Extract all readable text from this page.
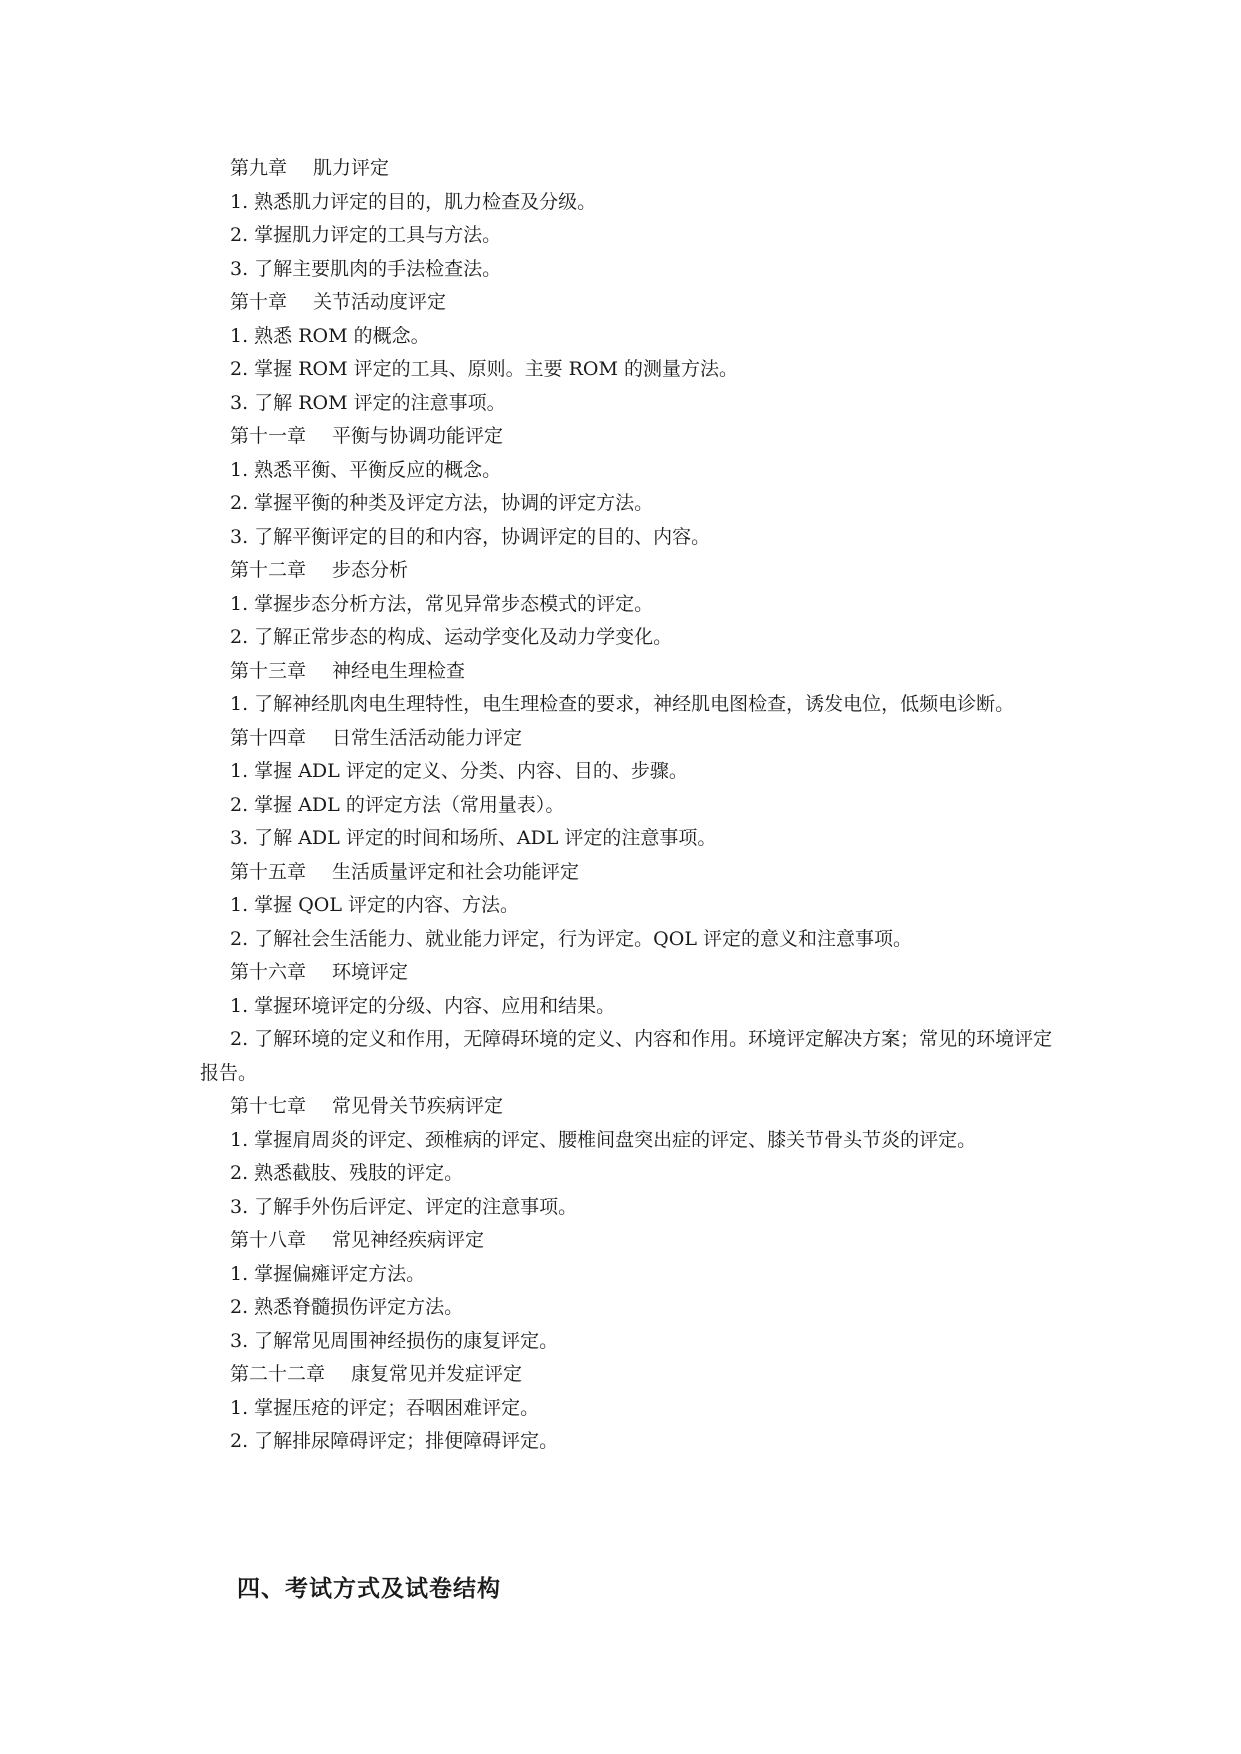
第九章 肌力评定

1. 熟悉肌力评定的目的，肌力检查及分级。

2. 掌握肌力评定的工具与方法。

3. 了解主要肌肉的手法检查法。

第十章 关节活动度评定

1. 熟悉 ROM 的概念。

2. 掌握 ROM 评定的工具、原则。主要 ROM 的测量方法。

3. 了解 ROM 评定的注意事项。

第十一章 平衡与协调功能评定

1. 熟悉平衡、平衡反应的概念。

2. 掌握平衡的种类及评定方法，协调的评定方法。

3. 了解平衡评定的目的和内容，协调评定的目的、内容。

第十二章 步态分析

1. 掌握步态分析方法，常见异常步态模式的评定。

2. 了解正常步态的构成、运动学变化及动力学变化。

第十三章 神经电生理检查

1. 了解神经肌肉电生理特性，电生理检查的要求，神经肌电图检查，诱发电位，低频电诊断。

第十四章 日常生活活动能力评定

1. 掌握 ADL 评定的定义、分类、内容、目的、步骤。

2. 掌握 ADL 的评定方法（常用量表）。

3. 了解 ADL 评定的时间和场所、ADL 评定的注意事项。

第十五章 生活质量评定和社会功能评定

1. 掌握 QOL 评定的内容、方法。

2. 了解社会生活能力、就业能力评定，行为评定。QOL 评定的意义和注意事项。

第十六章 环境评定

1. 掌握环境评定的分级、内容、应用和结果。

2. 了解环境的定义和作用，无障碍环境的定义、内容和作用。环境评定解决方案；常见的环境评定报告。

第十七章 常见骨关节疾病评定

1. 掌握肩周炎的评定、颈椎病的评定、腰椎间盘突出症的评定、膝关节骨头节炎的评定。

2. 熟悉截肢、残肢的评定。

3. 了解手外伤后评定、评定的注意事项。

第十八章 常见神经疾病评定

1. 掌握偏瘫评定方法。

2. 熟悉脊髓损伤评定方法。

3. 了解常见周围神经损伤的康复评定。

第二十二章 康复常见并发症评定

1. 掌握压疮的评定；吞咽困难评定。

2. 了解排尿障碍评定；排便障碍评定。

四、考试方式及试卷结构
